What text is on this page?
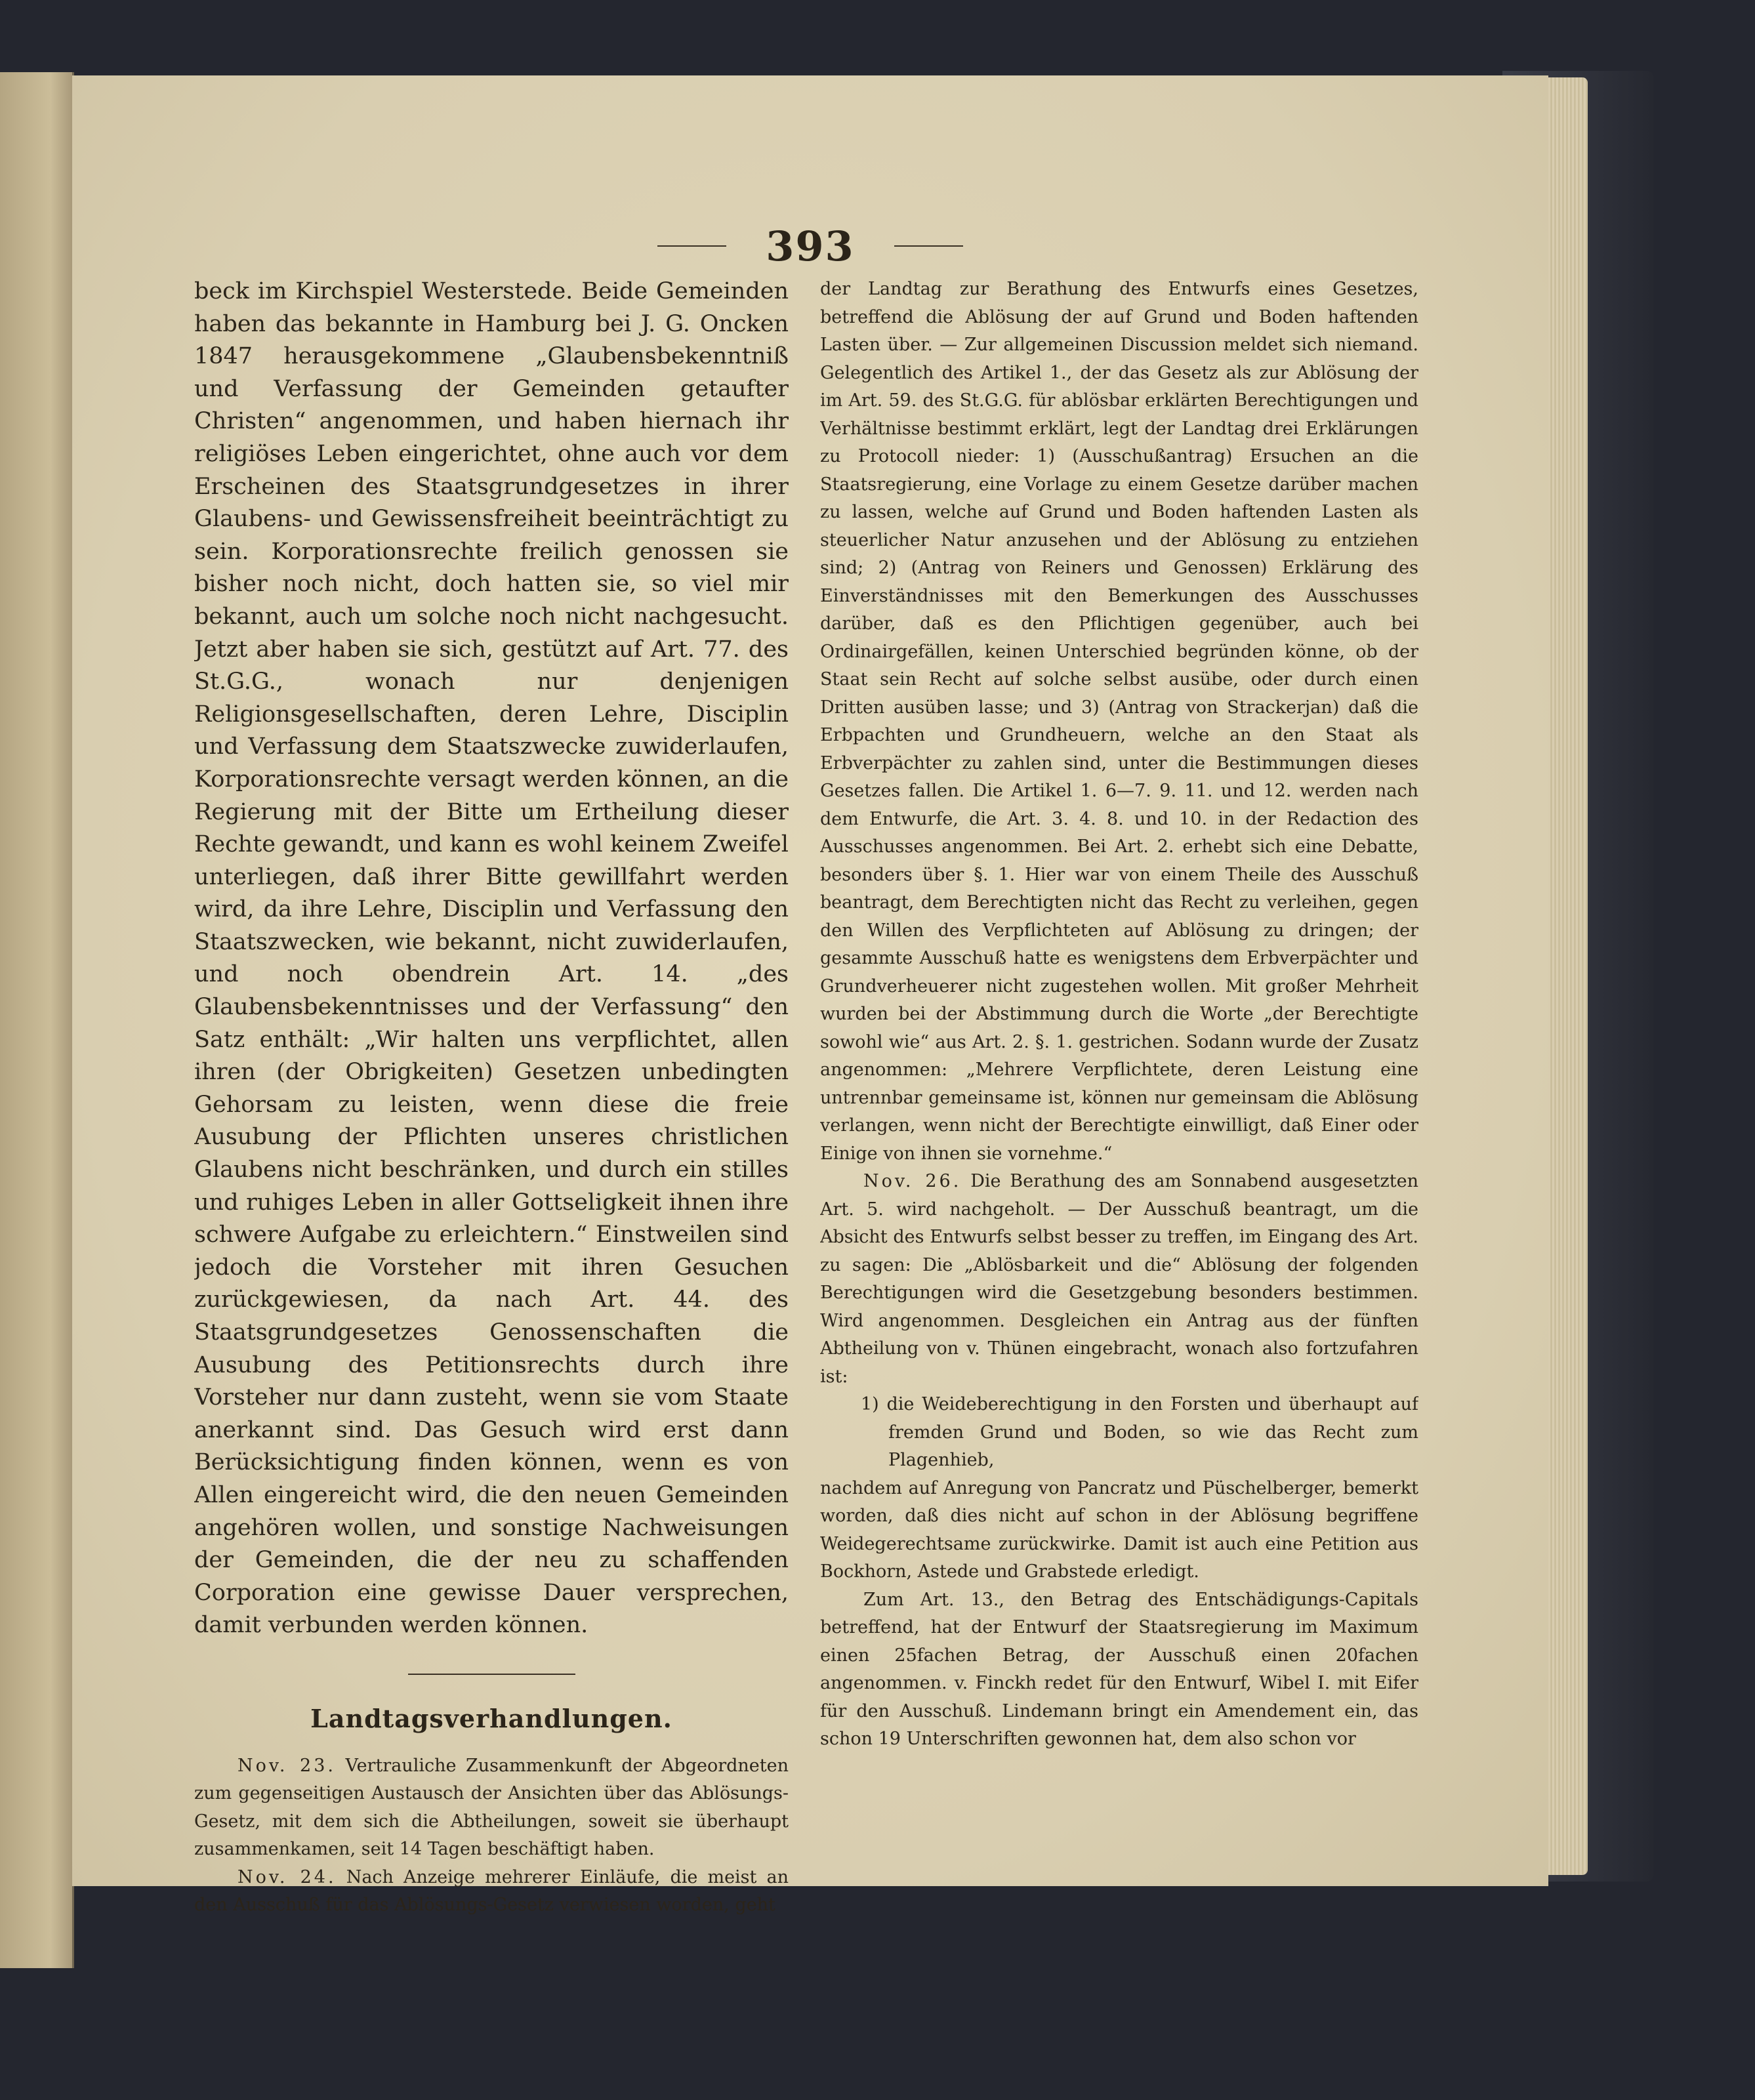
393

beck im Kirchspiel Westerstede. Beide Gemeinden haben das bekannte in Hamburg bei J. G. Oncken 1847 herausgekommene „Glaubensbekenntniß und Verfassung der Gemeinden getaufter Christen“ angenommen, und haben hiernach ihr religiöses Leben eingerichtet, ohne auch vor dem Erscheinen des Staatsgrundgesetzes in ihrer Glaubens- und Gewissensfreiheit beeinträchtigt zu sein. Korporationsrechte freilich genossen sie bisher noch nicht, doch hatten sie, so viel mir bekannt, auch um solche noch nicht nachgesucht. Jetzt aber haben sie sich, gestützt auf Art. 77. des St.G.G., wonach nur denjenigen Religionsgesellschaften, deren Lehre, Disciplin und Verfassung dem Staatszwecke zuwiderlaufen, Korporationsrechte versagt werden können, an die Regierung mit der Bitte um Ertheilung dieser Rechte gewandt, und kann es wohl keinem Zweifel unterliegen, daß ihrer Bitte gewillfahrt werden wird, da ihre Lehre, Disciplin und Verfassung den Staatszwecken, wie bekannt, nicht zuwiderlaufen, und noch obendrein Art. 14. „des Glaubensbekenntnisses und der Verfassung“ den Satz enthält: „Wir halten uns verpflichtet, allen ihren (der Obrigkeiten) Gesetzen unbedingten Gehorsam zu leisten, wenn diese die freie Ausubung der Pflichten unseres christlichen Glaubens nicht beschränken, und durch ein stilles und ruhiges Leben in aller Gottseligkeit ihnen ihre schwere Aufgabe zu erleichtern.“ Einstweilen sind jedoch die Vorsteher mit ihren Gesuchen zurückgewiesen, da nach Art. 44. des Staatsgrundgesetzes Genossenschaften die Ausubung des Petitionsrechts durch ihre Vorsteher nur dann zusteht, wenn sie vom Staate anerkannt sind. Das Gesuch wird erst dann Berücksichtigung finden können, wenn es von Allen eingereicht wird, die den neuen Gemeinden angehören wollen, und sonstige Nachweisungen der Gemeinden, die der neu zu schaffenden Corporation eine gewisse Dauer versprechen, damit verbunden werden können.

Landtagsverhandlungen.

Nov. 23. Vertrauliche Zusammenkunft der Abgeordneten zum gegenseitigen Austausch der Ansichten über das Ablösungs-Gesetz, mit dem sich die Abtheilungen, soweit sie überhaupt zusammenkamen, seit 14 Tagen beschäftigt haben.

Nov. 24. Nach Anzeige mehrerer Einläufe, die meist an den Ausschuß für das Ablösungs-Gesetz verwiesen worden, geht

der Landtag zur Berathung des Entwurfs eines Gesetzes, betreffend die Ablösung der auf Grund und Boden haftenden Lasten über. — Zur allgemeinen Discussion meldet sich niemand. Gelegentlich des Artikel 1., der das Gesetz als zur Ablösung der im Art. 59. des St.G.G. für ablösbar erklärten Berechtigungen und Verhältnisse bestimmt erklärt, legt der Landtag drei Erklärungen zu Protocoll nieder: 1) (Ausschußantrag) Ersuchen an die Staatsregierung, eine Vorlage zu einem Gesetze darüber machen zu lassen, welche auf Grund und Boden haftenden Lasten als steuerlicher Natur anzusehen und der Ablösung zu entziehen sind; 2) (Antrag von Reiners und Genossen) Erklärung des Einverständnisses mit den Bemerkungen des Ausschusses darüber, daß es den Pflichtigen gegenüber, auch bei Ordinairgefällen, keinen Unterschied begründen könne, ob der Staat sein Recht auf solche selbst ausübe, oder durch einen Dritten ausüben lasse; und 3) (Antrag von Strackerjan) daß die Erbpachten und Grundheuern, welche an den Staat als Erbverpächter zu zahlen sind, unter die Bestimmungen dieses Gesetzes fallen. Die Artikel 1. 6—7. 9. 11. und 12. werden nach dem Entwurfe, die Art. 3. 4. 8. und 10. in der Redaction des Ausschusses angenommen. Bei Art. 2. erhebt sich eine Debatte, besonders über §. 1. Hier war von einem Theile des Ausschuß beantragt, dem Berechtigten nicht das Recht zu verleihen, gegen den Willen des Verpflichteten auf Ablösung zu dringen; der gesammte Ausschuß hatte es wenigstens dem Erbverpächter und Grundverheuerer nicht zugestehen wollen. Mit großer Mehrheit wurden bei der Abstimmung durch die Worte „der Berechtigte sowohl wie“ aus Art. 2. §. 1. gestrichen. Sodann wurde der Zusatz angenommen: „Mehrere Verpflichtete, deren Leistung eine untrennbar gemeinsame ist, können nur gemeinsam die Ablösung verlangen, wenn nicht der Berechtigte einwilligt, daß Einer oder Einige von ihnen sie vornehme.“

Nov. 26. Die Berathung des am Sonnabend ausgesetzten Art. 5. wird nachgeholt. — Der Ausschuß beantragt, um die Absicht des Entwurfs selbst besser zu treffen, im Eingang des Art. zu sagen: Die „Ablösbarkeit und die“ Ablösung der folgenden Berechtigungen wird die Gesetzgebung besonders bestimmen. Wird angenommen. Desgleichen ein Antrag aus der fünften Abtheilung von v. Thünen eingebracht, wonach also fortzufahren ist:

1) die Weideberechtigung in den Forsten und überhaupt auf fremden Grund und Boden, so wie das Recht zum Plagenhieb,

nachdem auf Anregung von Pancratz und Püschelberger, bemerkt worden, daß dies nicht auf schon in der Ablösung begriffene Weidegerechtsame zurückwirke. Damit ist auch eine Petition aus Bockhorn, Astede und Grabstede erledigt.

Zum Art. 13., den Betrag des Entschädigungs-Capitals betreffend, hat der Entwurf der Staatsregierung im Maximum einen 25fachen Betrag, der Ausschuß einen 20fachen angenommen. v. Finckh redet für den Entwurf, Wibel I. mit Eifer für den Ausschuß. Lindemann bringt ein Amendement ein, das schon 19 Unterschriften gewonnen hat, dem also schon vor
